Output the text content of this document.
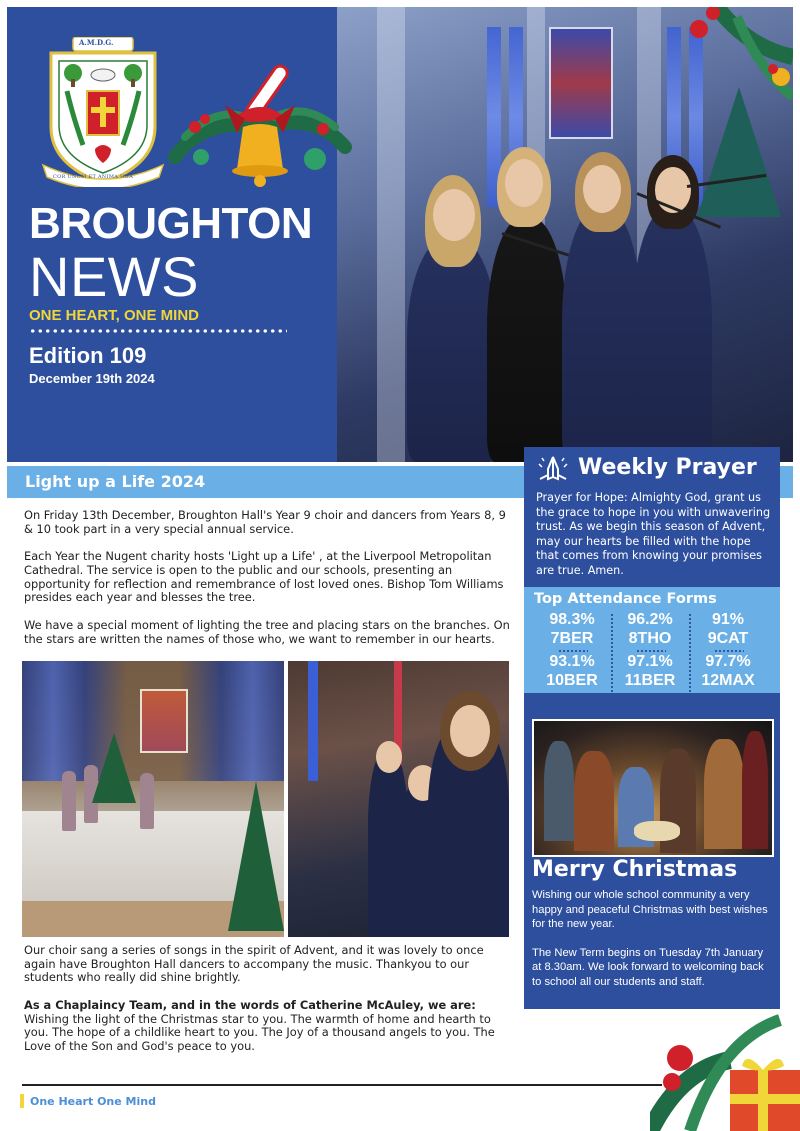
A.M.D.G.
COR UNUM ET ANIMA UNA
BROUGHTON
NEWS
ONE HEART, ONE MIND
Edition 109
December 19th 2024
Light up a Life 2024

On Friday 13th December, Broughton Hall's Year 9 choir and dancers from Years 8, 9 & 10 took part in a very special annual service.

Each Year the Nugent charity hosts 'Light up a Life' , at the Liverpool Metropolitan Cathedral. The service is open to the public and our schools, presenting an opportunity for reflection and remembrance of lost loved ones. Bishop Tom Williams presides each year and blesses the tree.

We have a special moment of lighting the tree and placing stars on the branches. On the stars are written the names of those who, we want to remember in our hearts.

Our choir sang a series of songs in the spirit of Advent, and it was lovely to once again have Broughton Hall dancers to accompany the music. Thankyou to our students who really did shine brightly.

As a Chaplaincy Team, and in the words of Catherine McAuley, we are:
Wishing the light of the Christmas star to you. The warmth of home and hearth to you. The hope of a childlike heart to you. The Joy of a thousand angels to you. The Love of the Son and God's peace to you.

Weekly Prayer
Prayer for Hope: Almighty God, grant us the grace to hope in you with unwavering trust. As we begin this season of Advent, may our hearts be filled with the hope that comes from knowing your promises are true. Amen.
Top Attendance Forms
98.3%
7BER
96.2%
8THO
91%
9CAT
93.1%
10BER
97.1%
11BER
97.7%
12MAX
Merry Christmas

Wishing our whole school community a very happy and peaceful Christmas with best wishes for the new year.

The New Term begins on Tuesday 7th January at 8.30am. We look forward to welcoming back to school all our students and staff.

One Heart One Mind
